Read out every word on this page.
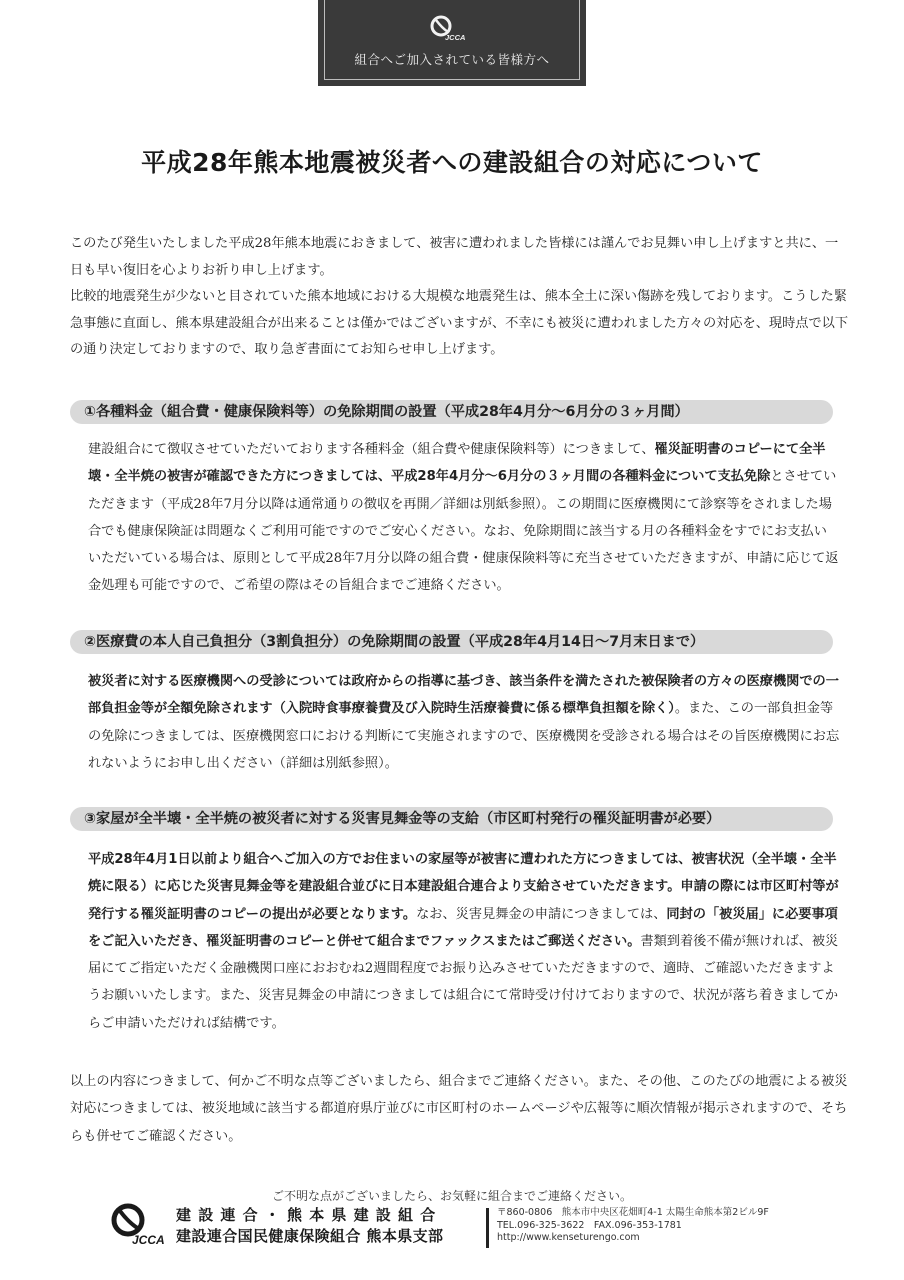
JCCA
組合へご加入されている皆様方へ
平成28年熊本地震被災者への建設組合の対応について

このたび発生いたしました平成28年熊本地震におきまして、被害に遭われました皆様には謹んでお見舞い申し上げますと共に、一日も早い復旧を心よりお祈り申し上げます。

比較的地震発生が少ないと目されていた熊本地域における大規模な地震発生は、熊本全土に深い傷跡を残しております。こうした緊急事態に直面し、熊本県建設組合が出来ることは僅かではございますが、不幸にも被災に遭われました方々の対応を、現時点で以下の通り決定しておりますので、取り急ぎ書面にてお知らせ申し上げます。

①各種料金（組合費・健康保険料等）の免除期間の設置（平成28年4月分〜6月分の３ヶ月間）

建設組合にて徴収させていただいております各種料金（組合費や健康保険料等）につきまして、罹災証明書のコピーにて全半壊・全半焼の被害が確認できた方につきましては、平成28年4月分〜6月分の３ヶ月間の各種料金について支払免除とさせていただきます（平成28年7月分以降は通常通りの徴収を再開／詳細は別紙参照）。この期間に医療機関にて診察等をされました場合でも健康保険証は問題なくご利用可能ですのでご安心ください。なお、免除期間に該当する月の各種料金をすでにお支払いいただいている場合は、原則として平成28年7月分以降の組合費・健康保険料等に充当させていただきますが、申請に応じて返金処理も可能ですので、ご希望の際はその旨組合までご連絡ください。

②医療費の本人自己負担分（3割負担分）の免除期間の設置（平成28年4月14日〜7月末日まで）

被災者に対する医療機関への受診については政府からの指導に基づき、該当条件を満たされた被保険者の方々の医療機関での一部負担金等が全額免除されます（入院時食事療養費及び入院時生活療養費に係る標準負担額を除く）。また、この一部負担金等の免除につきましては、医療機関窓口における判断にて実施されますので、医療機関を受診される場合はその旨医療機関にお忘れないようにお申し出ください（詳細は別紙参照）。

③家屋が全半壊・全半焼の被災者に対する災害見舞金等の支給（市区町村発行の罹災証明書が必要）

平成28年4月1日以前より組合へご加入の方でお住まいの家屋等が被害に遭われた方につきましては、被害状況（全半壊・全半焼に限る）に応じた災害見舞金等を建設組合並びに日本建設組合連合より支給させていただきます。申請の際には市区町村等が発行する罹災証明書のコピーの提出が必要となります。なお、災害見舞金の申請につきましては、同封の「被災届」に必要事項をご記入いただき、罹災証明書のコピーと併せて組合までファックスまたはご郵送ください。書類到着後不備が無ければ、被災届にてご指定いただく金融機関口座におおむね2週間程度でお振り込みさせていただきますので、適時、ご確認いただきますようお願いいたします。また、災害見舞金の申請につきましては組合にて常時受け付けておりますので、状況が落ち着きましてからご申請いただければ結構です。

以上の内容につきまして、何かご不明な点等ございましたら、組合までご連絡ください。また、その他、このたびの地震による被災対応につきましては、被災地域に該当する都道府県庁並びに市区町村のホームページや広報等に順次情報が掲示されますので、そちらも併せてご確認ください。

ご不明な点がございましたら、お気軽に組合までご連絡ください。

JCCA
建設連合・熊本県建設組合
建設連合国民健康保険組合 熊本県支部
〒860-0806　熊本市中央区花畑町4-1 太陽生命熊本第2ビル9F
TEL.096-325-3622　FAX.096-353-1781
http://www.kenseturengo.com
